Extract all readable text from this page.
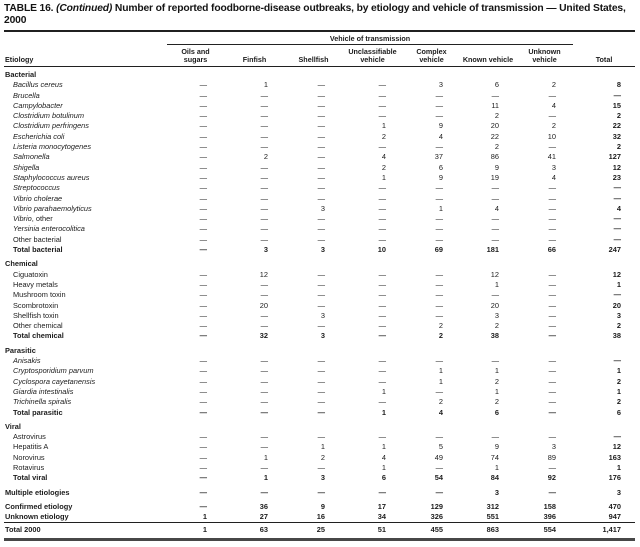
TABLE 16. (Continued) Number of reported foodborne-disease outbreaks, by etiology and vehicle of transmission — United States, 2000
	Vehicle of transmission							
Etiology	Oils and sugars	Finfish	Shellfish	Unclassifiable vehicle	Complex vehicle	Known vehicle	Unknown vehicle	Total
Bacterial								
Bacillus cereus	—	1	—	—	3	6	2	8
Brucella	—	—	—	—	—	—	—	—
Campylobacter	—	—	—	—	—	11	4	15
Clostridium botulinum	—	—	—	—	—	2	—	2
Clostridium perfringens	—	—	—	1	9	20	2	22
Escherichia coli	—	—	—	2	4	22	10	32
Listeria monocytogenes	—	—	—	—	—	2	—	2
Salmonella	—	2	—	4	37	86	41	127
Shigella	—	—	—	2	6	9	3	12
Staphylococcus aureus	—	—	—	1	9	19	4	23
Streptococcus	—	—	—	—	—	—	—	—
Vibrio cholerae	—	—	—	—	—	—	—	—
Vibrio parahaemolyticus	—	—	3	—	1	4	—	4
Vibrio, other	—	—	—	—	—	—	—	—
Yersinia enterocolitica	—	—	—	—	—	—	—	—
Other bacterial	—	—	—	—	—	—	—	—
Total bacterial	—	3	3	10	69	181	66	247
Chemical								
Ciguatoxin	—	12	—	—	—	12	—	12
Heavy metals	—	—	—	—	—	1	—	1
Mushroom toxin	—	—	—	—	—	—	—	—
Scombrotoxin	—	20	—	—	—	20	—	20
Shellfish toxin	—	—	3	—	—	3	—	3
Other chemical	—	—	—	—	2	2	—	2
Total chemical	—	32	3	—	2	38	—	38
Parasitic								
Anisakis	—	—	—	—	—	—	—	—
Cryptosporidium parvum	—	—	—	—	1	1	—	1
Cyclospora cayetanensis	—	—	—	—	1	2	—	2
Giardia intestinalis	—	—	—	1	—	1	—	1
Trichinella spiralis	—	—	—	—	2	2	—	2
Total parasitic	—	—	—	1	4	6	—	6
Viral								
Astrovirus	—	—	—	—	—	—	—	—
Hepatitis A	—	—	1	1	5	9	3	12
Norovirus	—	1	2	4	49	74	89	163
Rotavirus	—	—	—	1	—	1	—	1
Total viral	—	1	3	6	54	84	92	176
Multiple etiologies	—	—	—	—	—	3	—	3
Confirmed etiology	—	36	9	17	129	312	158	470
Unknown etiology	1	27	16	34	326	551	396	947
Total 2000	1	63	25	51	455	863	554	1,417
